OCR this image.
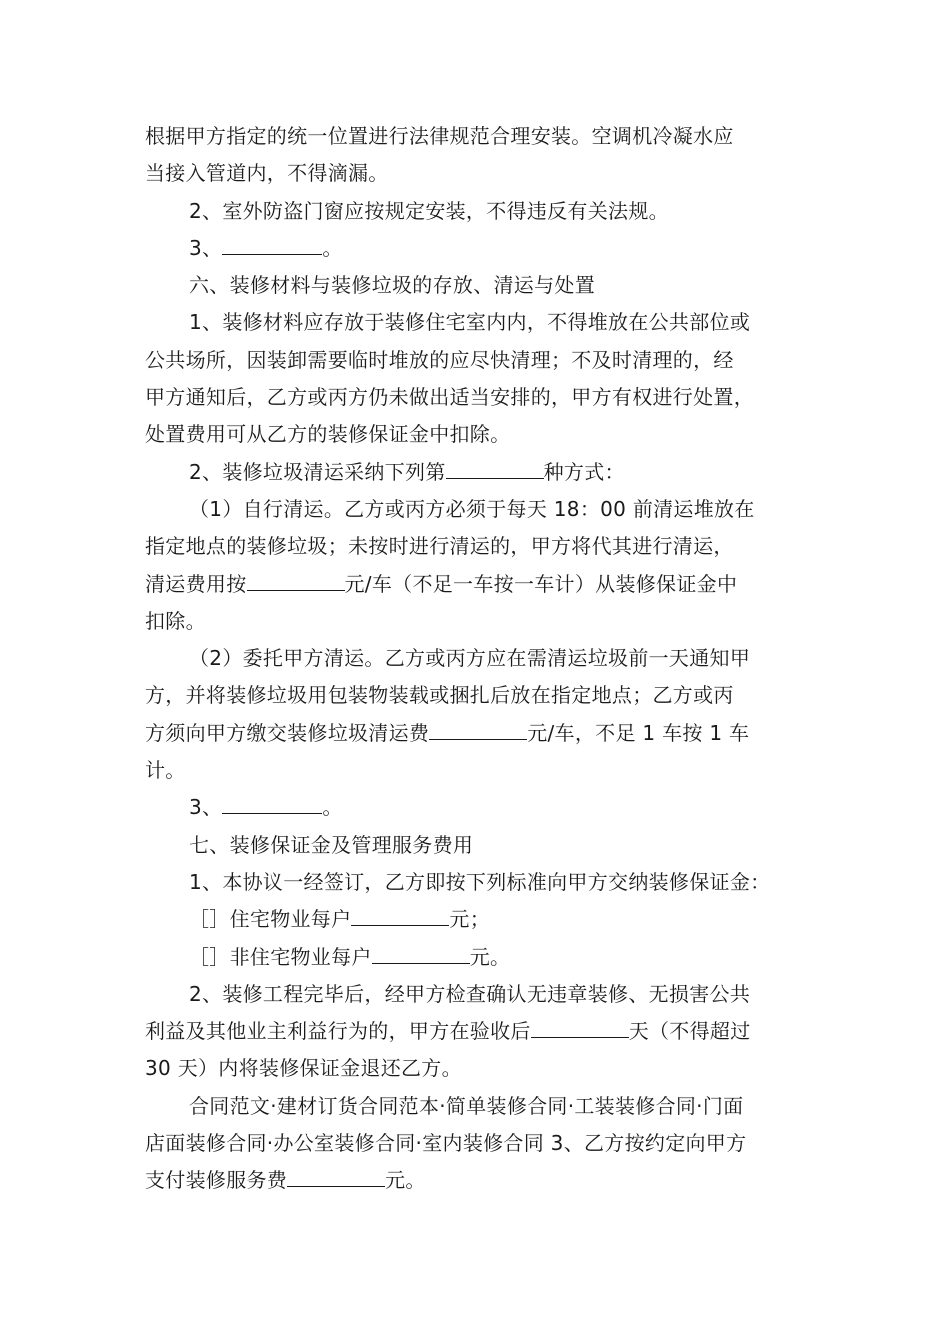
根据甲方指定的统一位置进行法律规范合理安装。空调机冷凝水应
当接入管道内，不得滴漏。
2、室外防盗门窗应按规定安装，不得违反有关法规。
3、	。
六、装修材料与装修垃圾的存放、清运与处置
1、装修材料应存放于装修住宅室内内，不得堆放在公共部位或
公共场所，因装卸需要临时堆放的应尽快清理；不及时清理的，经
甲方通知后，乙方或丙方仍未做出适当安排的，甲方有权进行处置，
处置费用可从乙方的装修保证金中扣除。
2、装修垃圾清运采纳下列第	种方式：
（1）自行清运。乙方或丙方必须于每天 18：00 前清运堆放在
指定地点的装修垃圾；未按时进行清运的，甲方将代其进行清运，
清运费用按	元/车（不足一车按一车计）从装修保证金中
扣除。
（2）委托甲方清运。乙方或丙方应在需清运垃圾前一天通知甲
方，并将装修垃圾用包装物装载或捆扎后放在指定地点；乙方或丙
方须向甲方缴交装修垃圾清运费	元/车，不足 1 车按 1 车
计。
3、	。
七、装修保证金及管理服务费用
1、本协议一经签订，乙方即按下列标准向甲方交纳装修保证金：
［］住宅物业每户	元；
［］非住宅物业每户	元。
2、装修工程完毕后，经甲方检查确认无违章装修、无损害公共
利益及其他业主利益行为的，甲方在验收后	天（不得超过
30 天）内将装修保证金退还乙方。
合同范文·建材订货合同范本·简单装修合同·工装装修合同·门面
店面装修合同·办公室装修合同·室内装修合同 3、乙方按约定向甲方
支付装修服务费	元。
